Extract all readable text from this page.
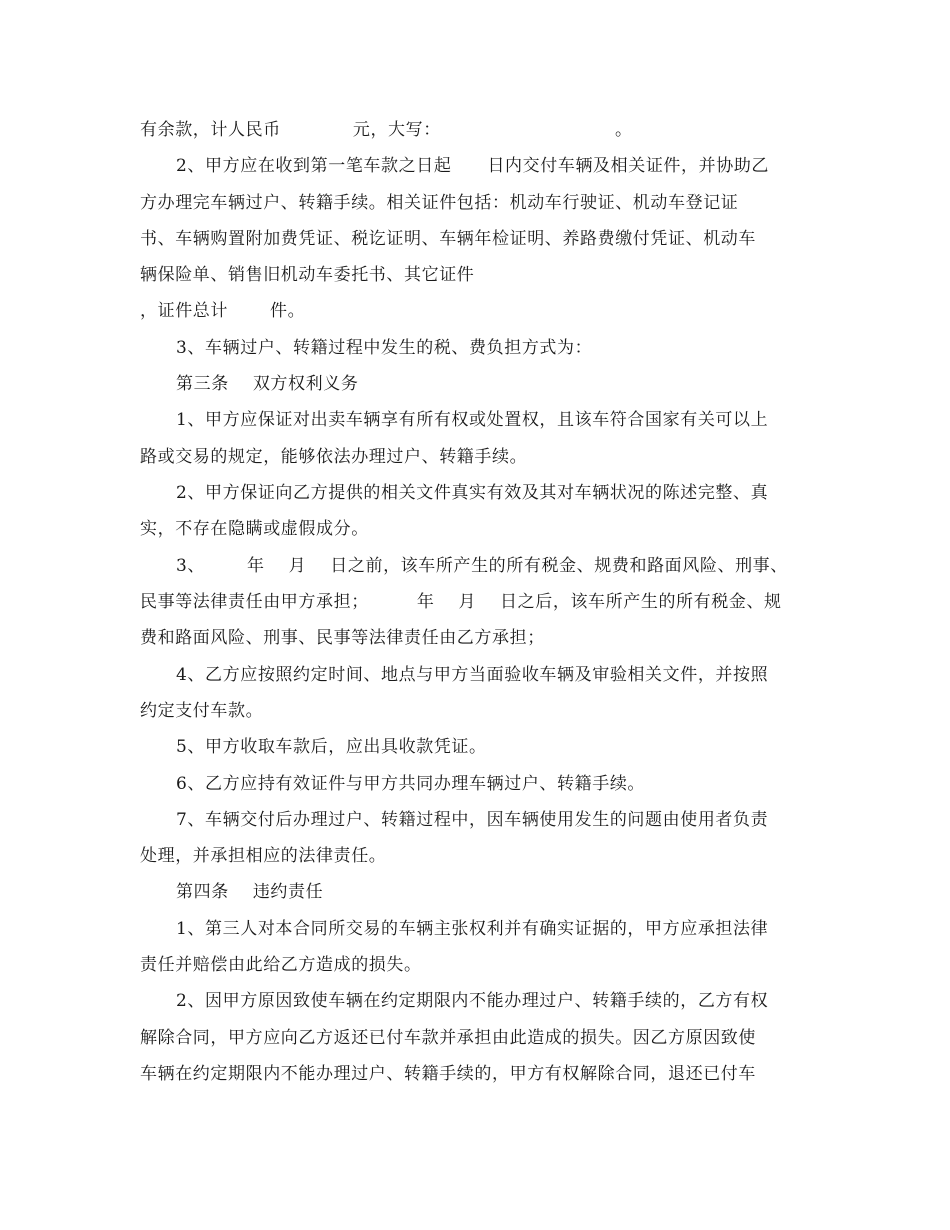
有余款，计人民币            元，大写：                             。
2、甲方应在收到第一笔车款之日起      日内交付车辆及相关证件，并协助乙
方办理完车辆过户、转籍手续。相关证件包括：机动车行驶证、机动车登记证
书、车辆购置附加费凭证、税讫证明、车辆年检证明、养路费缴付凭证、机动车
辆保险单、销售旧机动车委托书、其它证件
，证件总计       件。
3、车辆过户、转籍过程中发生的税、费负担方式为：
第三条    双方权利义务
1、甲方应保证对出卖车辆享有所有权或处置权，且该车符合国家有关可以上
路或交易的规定，能够依法办理过户、转籍手续。
2、甲方保证向乙方提供的相关文件真实有效及其对车辆状况的陈述完整、真
实，不存在隐瞒或虚假成分。
3、       年    月    日之前，该车所产生的所有税金、规费和路面风险、刑事、
民事等法律责任由甲方承担；        年    月    日之后，该车所产生的所有税金、规
费和路面风险、刑事、民事等法律责任由乙方承担；
4、乙方应按照约定时间、地点与甲方当面验收车辆及审验相关文件，并按照
约定支付车款。
5、甲方收取车款后，应出具收款凭证。
6、乙方应持有效证件与甲方共同办理车辆过户、转籍手续。
7、车辆交付后办理过户、转籍过程中，因车辆使用发生的问题由使用者负责
处理，并承担相应的法律责任。
第四条    违约责任
1、第三人对本合同所交易的车辆主张权利并有确实证据的，甲方应承担法律
责任并赔偿由此给乙方造成的损失。
2、因甲方原因致使车辆在约定期限内不能办理过户、转籍手续的，乙方有权
解除合同，甲方应向乙方返还已付车款并承担由此造成的损失。因乙方原因致使
车辆在约定期限内不能办理过户、转籍手续的，甲方有权解除合同，退还已付车
